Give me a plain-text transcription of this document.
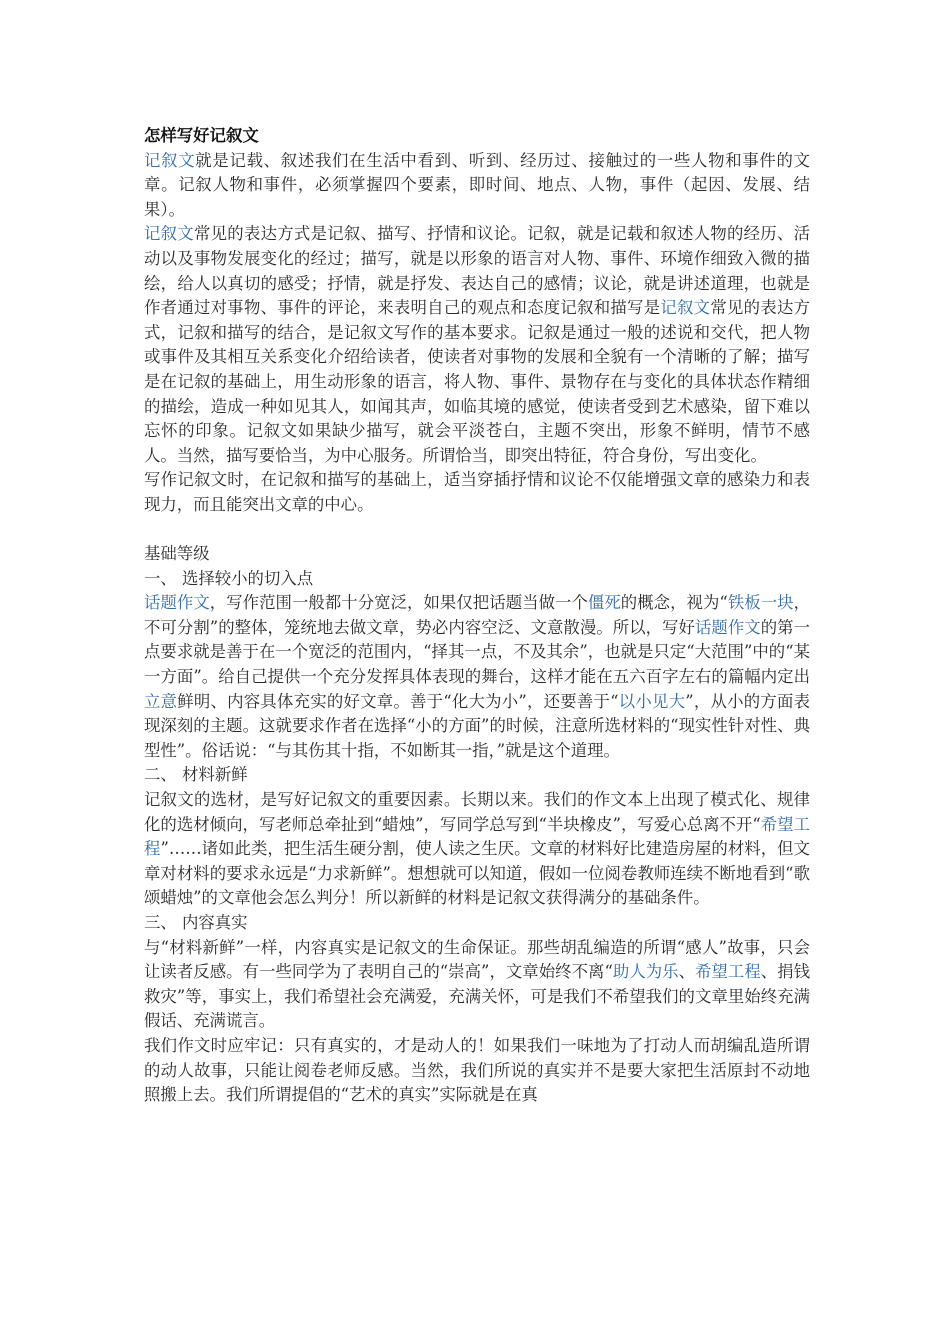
怎样写好记叙文

记叙文就是记载、叙述我们在生活中看到、听到、经历过、接触过的一些人物和事件的文章。记叙人物和事件，必须掌握四个要素，即时间、地点、人物，事件（起因、发展、结果）。

记叙文常见的表达方式是记叙、描写、抒情和议论。记叙，就是记载和叙述人物的经历、活动以及事物发展变化的经过；描写，就是以形象的语言对人物、事件、环境作细致入微的描绘，给人以真切的感受；抒情，就是抒发、表达自己的感情；议论，就是讲述道理，也就是作者通过对事物、事件的评论，来表明自己的观点和态度记叙和描写是记叙文常见的表达方式，记叙和描写的结合，是记叙文写作的基本要求。记叙是通过一般的述说和交代，把人物或事件及其相互关系变化介绍给读者，使读者对事物的发展和全貌有一个清晰的了解；描写是在记叙的基础上，用生动形象的语言，将人物、事件、景物存在与变化的具体状态作精细的描绘，造成一种如见其人，如闻其声，如临其境的感觉，使读者受到艺术感染，留下难以忘怀的印象。记叙文如果缺少描写，就会平淡苍白，主题不突出，形象不鲜明，情节不感人。当然，描写要恰当，为中心服务。所谓恰当，即突出特征，符合身份，写出变化。

写作记叙文时，在记叙和描写的基础上，适当穿插抒情和议论不仅能增强文章的感染力和表现力，而且能突出文章的中心。

基础等级

一、 选择较小的切入点

话题作文，写作范围一般都十分宽泛，如果仅把话题当做一个僵死的概念，视为“铁板一块，不可分割”的整体，笼统地去做文章，势必内容空泛、文意散漫。所以，写好话题作文的第一点要求就是善于在一个宽泛的范围内，“择其一点，不及其余”，也就是只定“大范围”中的“某一方面”。给自己提供一个充分发挥具体表现的舞台，这样才能在五六百字左右的篇幅内定出立意鲜明、内容具体充实的好文章。善于“化大为小”，还要善于“以小见大”，从小的方面表现深刻的主题。这就要求作者在选择“小的方面”的时候，注意所选材料的“现实性针对性、典型性”。俗话说：“与其伤其十指，不如断其一指，”就是这个道理。

二、 材料新鲜

记叙文的选材，是写好记叙文的重要因素。长期以来。我们的作文本上出现了模式化、规律化的选材倾向，写老师总牵扯到“蜡烛”，写同学总写到“半块橡皮”，写爱心总离不开“希望工程”……诸如此类，把生活生硬分割，使人读之生厌。文章的材料好比建造房屋的材料，但文章对材料的要求永远是“力求新鲜”。想想就可以知道，假如一位阅卷教师连续不断地看到“歌颂蜡烛”的文章他会怎么判分！所以新鲜的材料是记叙文获得满分的基础条件。

三、 内容真实

与“材料新鲜”一样，内容真实是记叙文的生命保证。那些胡乱编造的所谓“感人”故事，只会让读者反感。有一些同学为了表明自己的“崇高”，文章始终不离“助人为乐、希望工程、捐钱救灾”等，事实上，我们希望社会充满爱，充满关怀，可是我们不希望我们的文章里始终充满假话、充满谎言。

我们作文时应牢记：只有真实的，才是动人的！如果我们一味地为了打动人而胡编乱造所谓的动人故事，只能让阅卷老师反感。当然，我们所说的真实并不是要大家把生活原封不动地照搬上去。我们所谓提倡的“艺术的真实”实际就是在真
